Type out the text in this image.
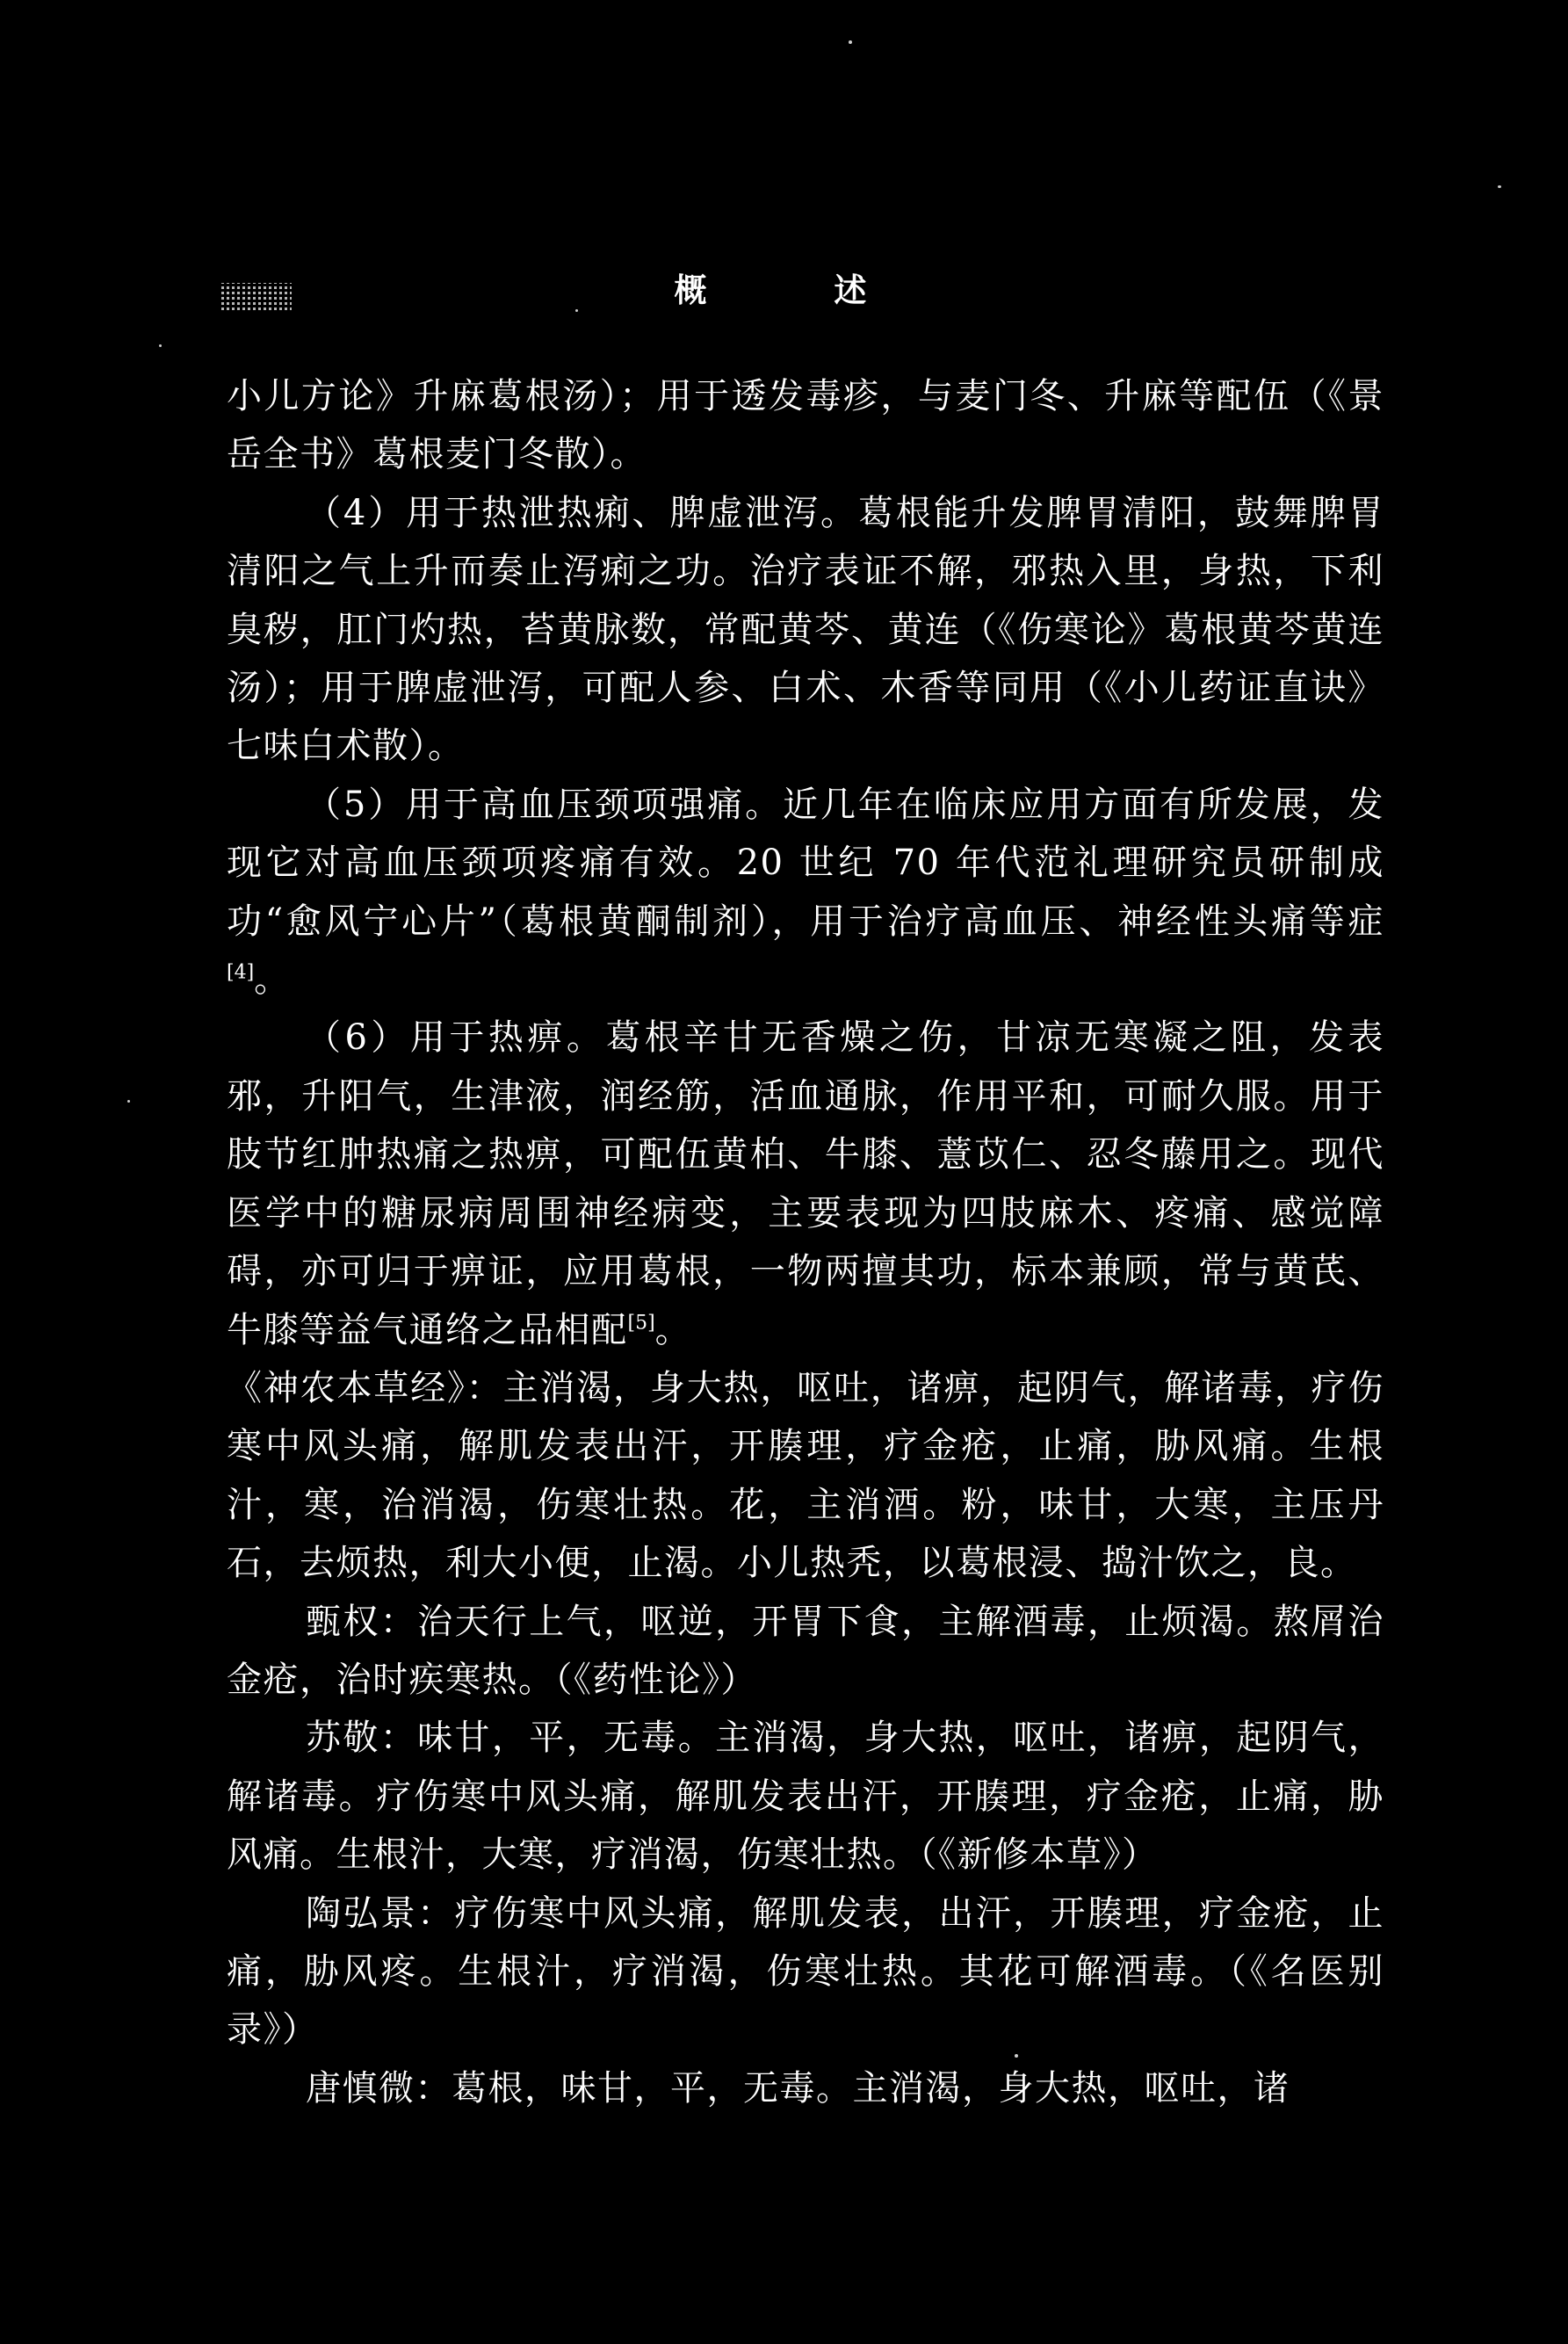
概 述

小儿方论》升麻葛根汤）；用于透发毒疹，与麦门冬、升麻等配伍（《景岳全书》葛根麦门冬散）。

（4）用于热泄热痢、脾虚泄泻。葛根能升发脾胃清阳，鼓舞脾胃清阳之气上升而奏止泻痢之功。治疗表证不解，邪热入里，身热，下利臭秽，肛门灼热，苔黄脉数，常配黄芩、黄连（《伤寒论》葛根黄芩黄连汤）；用于脾虚泄泻，可配人参、白术、木香等同用（《小儿药证直诀》七味白术散）。

（5）用于高血压颈项强痛。近几年在临床应用方面有所发展，发现它对高血压颈项疼痛有效。20 世纪 70 年代范礼理研究员研制成功“愈风宁心片”（葛根黄酮制剂），用于治疗高血压、神经性头痛等症[4]。

（6）用于热痹。葛根辛甘无香燥之伤，甘凉无寒凝之阻，发表邪，升阳气，生津液，润经筋，活血通脉，作用平和，可耐久服。用于肢节红肿热痛之热痹，可配伍黄柏、牛膝、薏苡仁、忍冬藤用之。现代医学中的糖尿病周围神经病变，主要表现为四肢麻木、疼痛、感觉障碍，亦可归于痹证，应用葛根，一物两擅其功，标本兼顾，常与黄芪、牛膝等益气通络之品相配[5]。

《神农本草经》：主消渴，身大热，呕吐，诸痹，起阴气，解诸毒，疗伤寒中风头痛，解肌发表出汗，开腠理，疗金疮，止痛，胁风痛。生根汁，寒，治消渴，伤寒壮热。花，主消酒。粉，味甘，大寒，主压丹石，去烦热，利大小便，止渴。小儿热秃，以葛根浸、捣汁饮之，良。

甄权：治天行上气，呕逆，开胃下食，主解酒毒，止烦渴。熬屑治金疮，治时疾寒热。（《药性论》）

苏敬：味甘，平，无毒。主消渴，身大热，呕吐，诸痹，起阴气，解诸毒。疗伤寒中风头痛，解肌发表出汗，开腠理，疗金疮，止痛，胁风痛。生根汁，大寒，疗消渴，伤寒壮热。（《新修本草》）

陶弘景：疗伤寒中风头痛，解肌发表，出汗，开腠理，疗金疮，止痛，胁风疼。生根汁，疗消渴，伤寒壮热。其花可解酒毒。（《名医别录》）

唐慎微：葛根，味甘，平，无毒。主消渴，身大热，呕吐，诸
